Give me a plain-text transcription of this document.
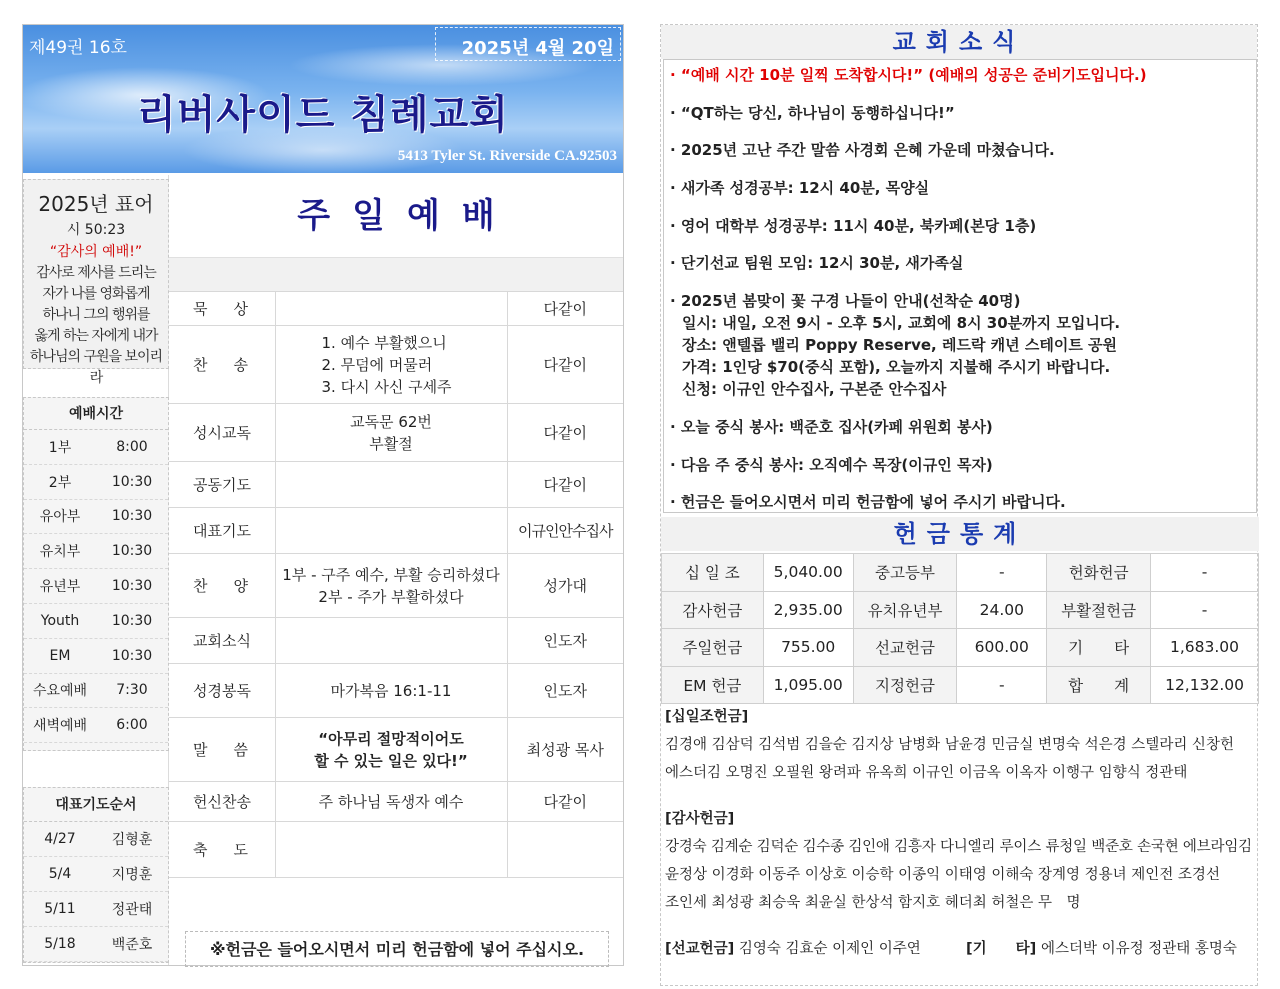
제49권 16호	2025년 4월 20일
리버사이드 침례교회
5413 Tyler St. Riverside CA.92503
2025년 표어
시 50:23
“감사의 예배!”
감사로 제사를 드리는
자가 나를 영화롭게
하나니 그의 행위를
옳게 하는 자에게 내가
하나님의 구원을 보이리라
예배시간
1부	8:00
2부	10:30
유아부	10:30
유치부	10:30
유년부	10:30
Youth	10:30
EM	10:30
수요예배	7:30
새벽예배	6:00
대표기도순서
4/27	김형훈
5/4	지명훈
5/11	정관태
5/18	백준호
주일예배
묵상		다같이
찬송	1. 예수 부활했으니
2. 무덤에 머물러
3. 다시 사신 구세주	다같이
성시교독	교독문 62번
부활절	다같이
공동기도		다같이
대표기도		이규인안수집사
찬양	1부 - 구주 예수, 부활 승리하셨다
2부 - 주가 부활하셨다	성가대
교회소식		인도자
성경봉독	마가복음 16:1-11	인도자
말씀	“아무리 절망적이어도
할 수 있는 일은 있다!”	최성광 목사
헌신찬송	주 하나님 독생자 예수	다같이
축도		
※헌금은 들어오시면서 미리 헌금함에 넣어 주십시오.
교회소식
· “예배 시간 10분 일찍 도착합시다!” (예배의 성공은 준비기도입니다.)
· “QT하는 당신, 하나님이 동행하십니다!”
· 2025년 고난 주간 말씀 사경회 은혜 가운데 마쳤습니다.
· 새가족 성경공부: 12시 40분, 목양실
· 영어 대학부 성경공부: 11시 40분, 북카페(본당 1층)
· 단기선교 팀원 모임: 12시 30분, 새가족실
· 2025년 봄맞이 꽃 구경 나들이 안내(선착순 40명)
일시: 내일, 오전 9시 - 오후 5시, 교회에 8시 30분까지 모입니다.
장소: 앤텔롭 밸리 Poppy Reserve, 레드락 캐년 스테이트 공원
가격: 1인당 $70(중식 포함), 오늘까지 지불해 주시기 바랍니다.
신청: 이규인 안수집사, 구본준 안수집사
· 오늘 중식 봉사: 백준호 집사(카페 위원회 봉사)
· 다음 주 중식 봉사: 오직예수 목장(이규인 목자)
· 헌금은 들어오시면서 미리 헌금함에 넣어 주시기 바랍니다.
헌금통계
십 일 조	5,040.00	중고등부	-	헌화헌금	-
감사헌금	2,935.00	유치유년부	24.00	부활절헌금	-
주일헌금	755.00	선교헌금	600.00	기　　타	1,683.00
EM 헌금	1,095.00	지정헌금	-	합　　계	12,132.00
[십일조헌금]
김경애 김삼덕 김석범 김을순 김지상 남병화 남윤경 민금실 변명숙 석은경 스텔라리 신창헌
에스더김 오명진 오필원 왕려파 유옥희 이규인 이금옥 이옥자 이행구 임향식 정관태
[감사헌금]
강경숙 김계순 김덕순 김수종 김인애 김흥자 다니엘리 루이스 류청일 백준호 손국현 에브라임김
윤정상 이경화 이동주 이상호 이승학 이종익 이태영 이해숙 장계영 정용녀 제인전 조경선
조인세 최성광 최승욱 최윤실 한상석 함지호 헤더최 허철은 무　명
[선교헌금] 김영숙 김효순 이제인 이주연	[기　　타] 에스더박 이유정 정관태 홍명숙
